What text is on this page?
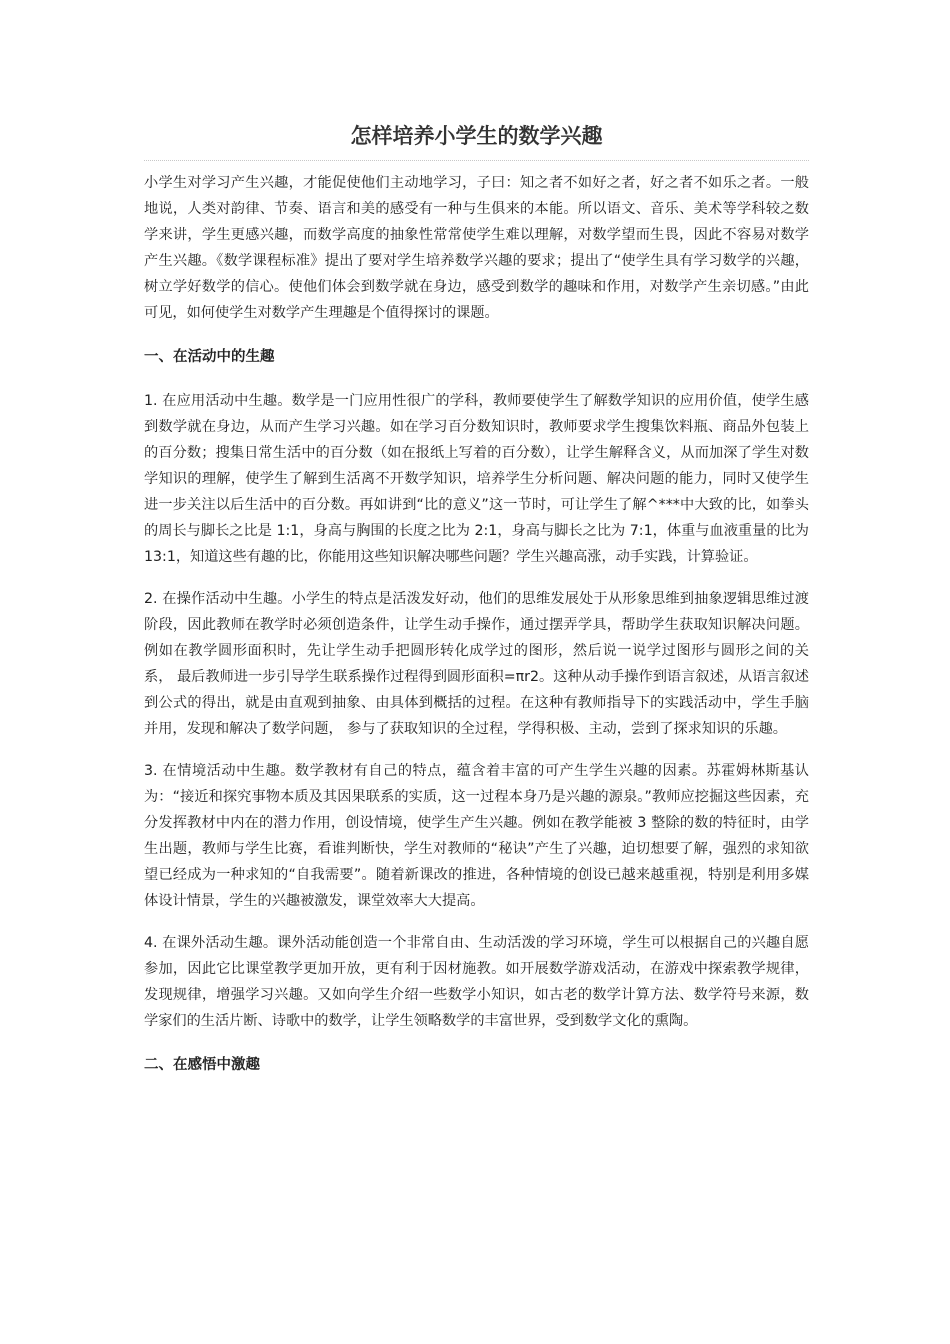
怎样培养小学生的数学兴趣

小学生对学习产生兴趣，才能促使他们主动地学习，子曰：知之者不如好之者，好之者不如乐之者。一般地说，人类对韵律、节奏、语言和美的感受有一种与生俱来的本能。所以语文、音乐、美术等学科较之数学来讲，学生更感兴趣，而数学高度的抽象性常常使学生难以理解，对数学望而生畏，因此不容易对数学产生兴趣。《数学课程标准》提出了要对学生培养数学兴趣的要求；提出了“使学生具有学习数学的兴趣，树立学好数学的信心。使他们体会到数学就在身边，感受到数学的趣味和作用，对数学产生亲切感。”由此可见，如何使学生对数学产生理趣是个值得探讨的课题。

一、在活动中的生趣

1. 在应用活动中生趣。数学是一门应用性很广的学科，教师要使学生了解数学知识的应用价值，使学生感到数学就在身边，从而产生学习兴趣。如在学习百分数知识时，教师要求学生搜集饮料瓶、商品外包装上的百分数；搜集日常生活中的百分数（如在报纸上写着的百分数），让学生解释含义，从而加深了学生对数学知识的理解，使学生了解到生活离不开数学知识，培养学生分析问题、解决问题的能力，同时又使学生进一步关注以后生活中的百分数。再如讲到“比的意义”这一节时，可让学生了解^***中大致的比，如拳头的周长与脚长之比是 1:1，身高与胸围的长度之比为 2:1，身高与脚长之比为 7:1，体重与血液重量的比为 13:1，知道这些有趣的比，你能用这些知识解决哪些问题？学生兴趣高涨，动手实践，计算验证。

2. 在操作活动中生趣。小学生的特点是活泼发好动，他们的思维发展处于从形象思维到抽象逻辑思维过渡阶段，因此教师在教学时必须创造条件，让学生动手操作，通过摆弄学具，帮助学生获取知识解决问题。例如在教学圆形面积时，先让学生动手把圆形转化成学过的图形，然后说一说学过图形与圆形之间的关系， 最后教师进一步引导学生联系操作过程得到圆形面积=πr2。这种从动手操作到语言叙述，从语言叙述到公式的得出，就是由直观到抽象、由具体到概括的过程。在这种有教师指导下的实践活动中，学生手脑并用，发现和解决了数学问题， 参与了获取知识的全过程，学得积极、主动，尝到了探求知识的乐趣。

3. 在情境活动中生趣。数学教材有自己的特点，蕴含着丰富的可产生学生兴趣的因素。苏霍姆林斯基认为：“接近和探究事物本质及其因果联系的实质，这一过程本身乃是兴趣的源泉。”教师应挖掘这些因素，充分发挥教材中内在的潜力作用，创设情境，使学生产生兴趣。例如在教学能被 3 整除的数的特征时，由学生出题，教师与学生比赛，看谁判断快，学生对教师的“秘诀”产生了兴趣，迫切想要了解，强烈的求知欲望已经成为一种求知的“自我需要”。随着新课改的推进，各种情境的创设已越来越重视，特别是利用多媒体设计情景，学生的兴趣被激发，课堂效率大大提高。

4. 在课外活动生趣。课外活动能创造一个非常自由、生动活泼的学习环境，学生可以根据自己的兴趣自愿参加，因此它比课堂教学更加开放，更有利于因材施教。如开展数学游戏活动，在游戏中探索教学规律，发现规律，增强学习兴趣。又如向学生介绍一些数学小知识，如古老的数学计算方法、数学符号来源，数学家们的生活片断、诗歌中的数学，让学生领略数学的丰富世界，受到数学文化的熏陶。

二、在感悟中激趣
